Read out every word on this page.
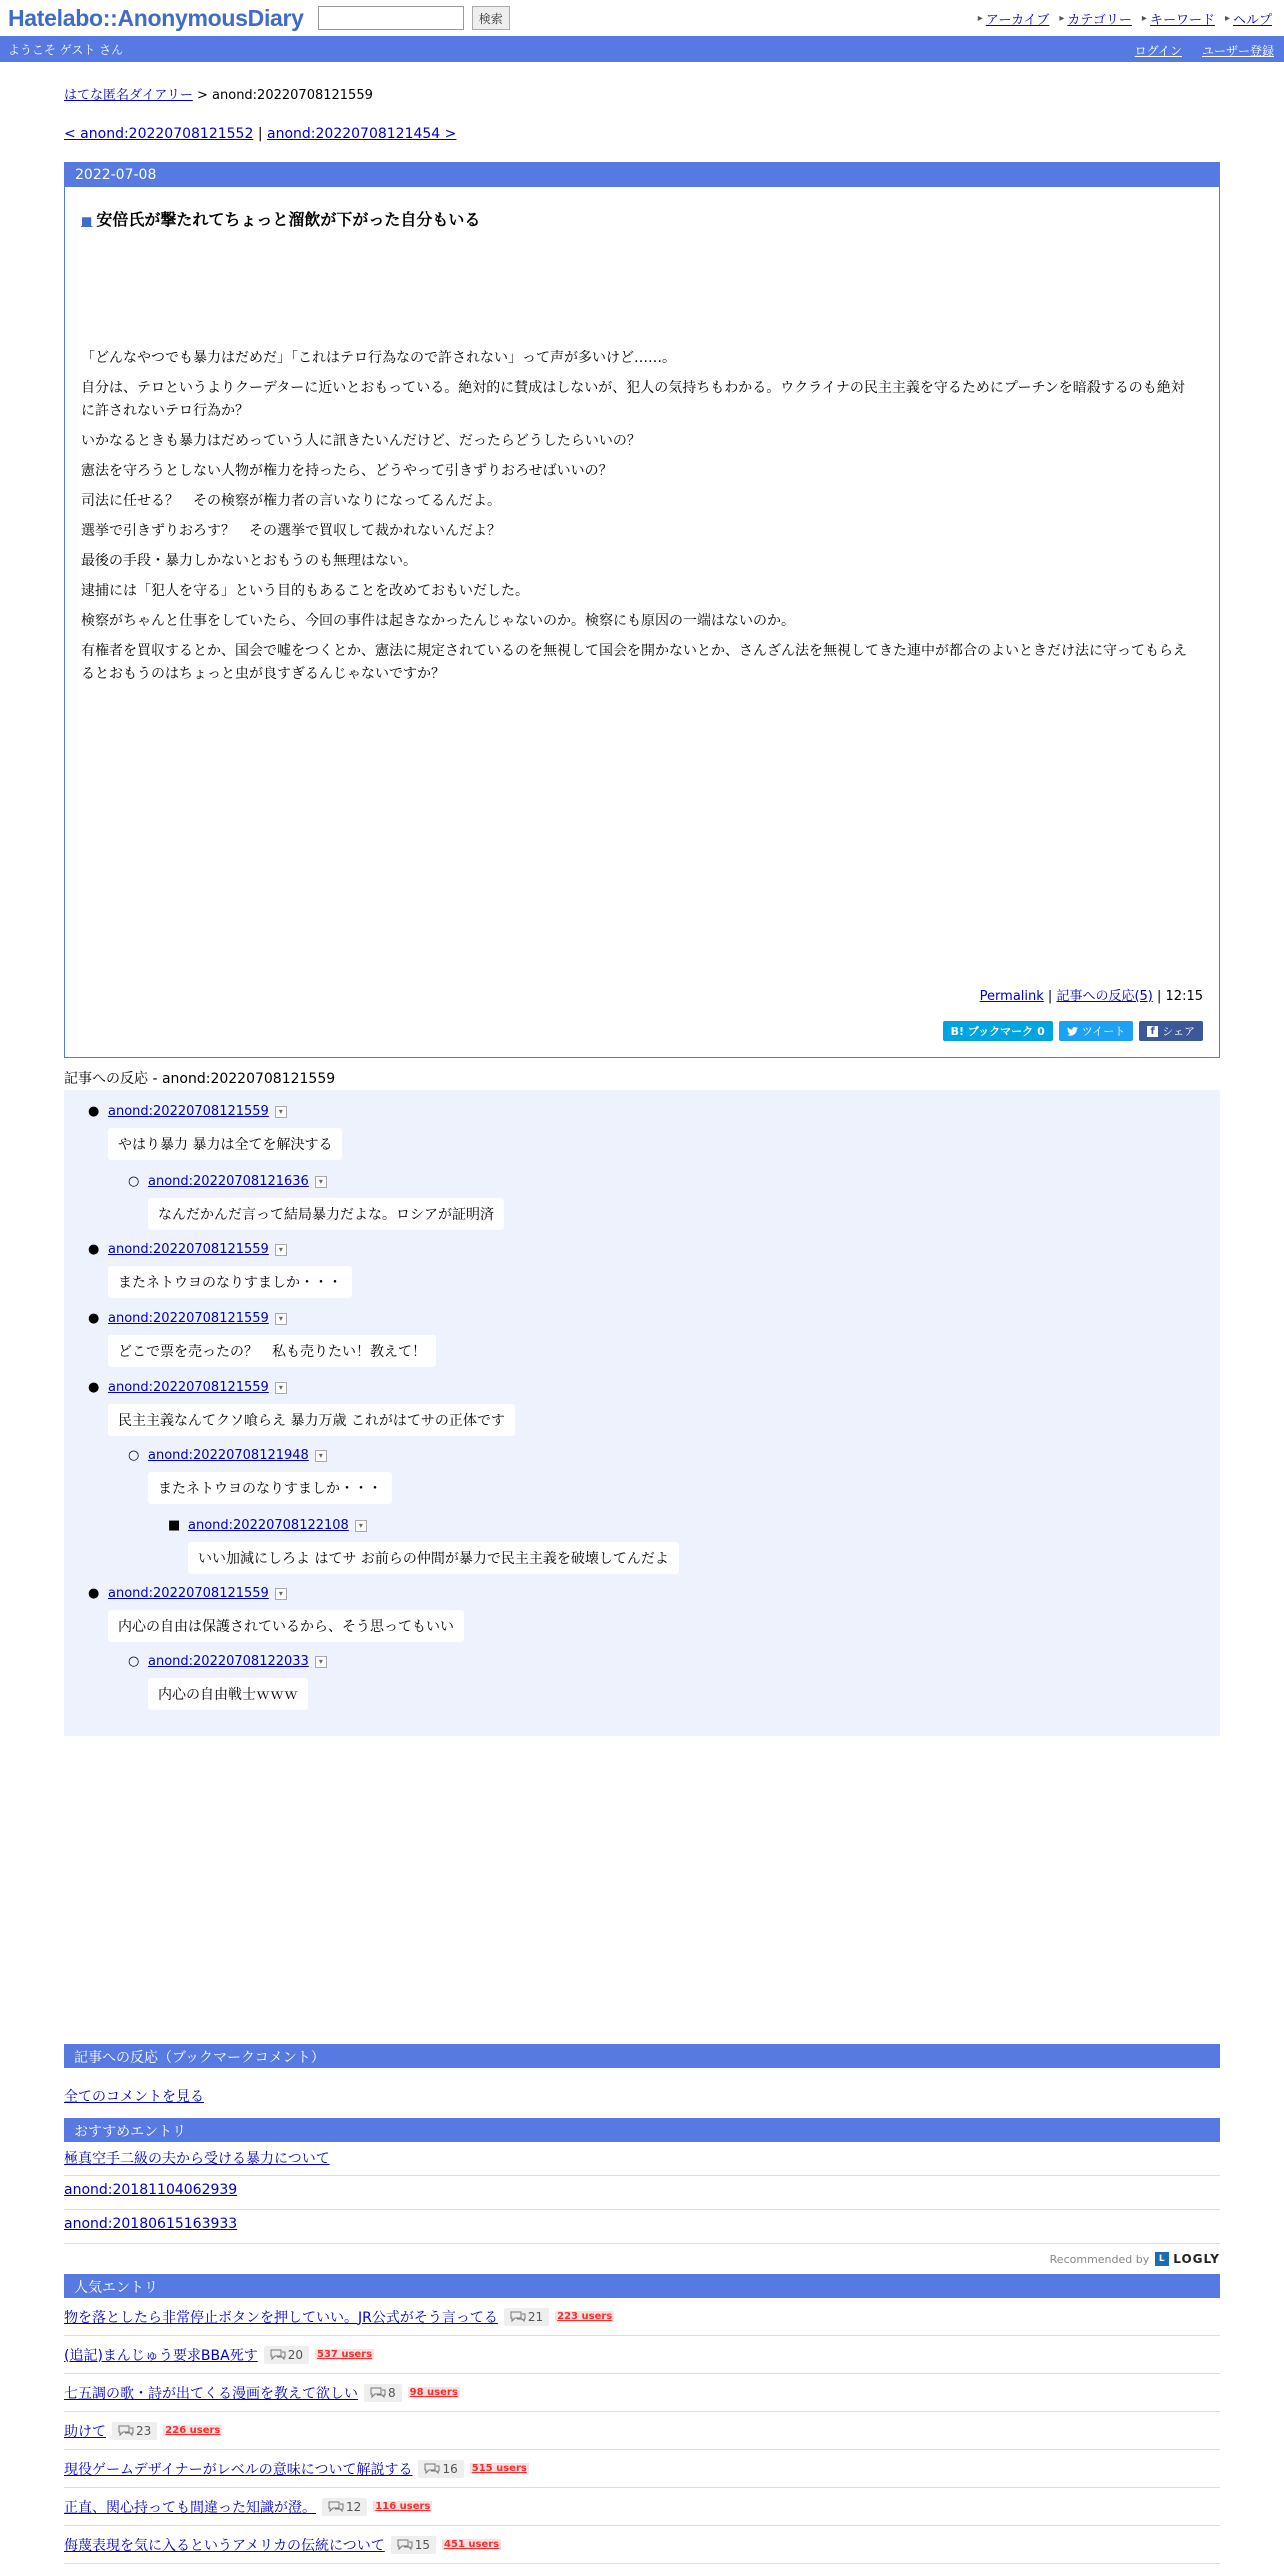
Hatelabo::AnonymousDiary	検索	▸ アーカイブ ▸ カテゴリー ▸ キーワード ▸ ヘルプ
ようこそ ゲスト さん	ログイン ユーザー登録
はてな匿名ダイアリー > anond:20220708121559
< anond:20220708121552 | anond:20220708121454 >
2022-07-08
■ 安倍氏が撃たれてちょっと溜飲が下がった自分もいる

「どんなやつでも暴力はだめだ」「これはテロ行為なので許されない」って声が多いけど……。

自分は、テロというよりクーデターに近いとおもっている。絶対的に賛成はしないが、犯人の気持ちもわかる。ウクライナの民主主義を守るためにプーチンを暗殺するのも絶対に許されないテロ行為か？

いかなるときも暴力はだめっていう人に訊きたいんだけど、だったらどうしたらいいの？

憲法を守ろうとしない人物が権力を持ったら、どうやって引きずりおろせばいいの？

司法に任せる？　その検察が権力者の言いなりになってるんだよ。

選挙で引きずりおろす？　その選挙で買収して裁かれないんだよ？

最後の手段・暴力しかないとおもうのも無理はない。

逮捕には「犯人を守る」という目的もあることを改めておもいだした。

検察がちゃんと仕事をしていたら、今回の事件は起きなかったんじゃないのか。検察にも原因の一端はないのか。

有権者を買収するとか、国会で嘘をつくとか、憲法に規定されているのを無視して国会を開かないとか、さんざん法を無視してきた連中が都合のよいときだけ法に守ってもらえるとおもうのはちょっと虫が良すぎるんじゃないですか？

Permalink | 記事への反応(5) | 12:15
B! ブックマーク 0	ツイート	f シェア
記事への反応 - anond:20220708121559
● anond:20220708121559 ▾
やはり暴力 暴力は全てを解決する
○ anond:20220708121636 ▾
なんだかんだ言って結局暴力だよな。ロシアが証明済
● anond:20220708121559 ▾
またネトウヨのなりすましか・・・
● anond:20220708121559 ▾
どこで票を売ったの？　私も売りたい！教えて！
● anond:20220708121559 ▾
民主主義なんてクソ喰らえ 暴力万歳 これがはてサの正体です
○ anond:20220708121948 ▾
またネトウヨのなりすましか・・・
■ anond:20220708122108 ▾
いい加減にしろよ はてサ お前らの仲間が暴力で民主主義を破壊してんだよ
● anond:20220708121559 ▾
内心の自由は保護されているから、そう思ってもいい
○ anond:20220708122033 ▾
内心の自由戦士ｗｗｗ
記事への反応（ブックマークコメント）
全てのコメントを見る
おすすめエントリ
極真空手二級の夫から受ける暴力について
anond:20181104062939
anond:20180615163933
Recommended by	L LOGLY
人気エントリ
物を落としたら非常停止ボタンを押していい。JR公式がそう言ってる	21 223 users
(追記)まんじゅう要求BBA死す	20 537 users
七五調の歌・詩が出てくる漫画を教えて欲しい	8 98 users
助けて	23 226 users
現役ゲームデザイナーがレベルの意味について解説する	16 515 users
正直、関心持っても間違った知識が澄。	12 116 users
侮蔑表現を気に入るというアメリカの伝統について	15 451 users
